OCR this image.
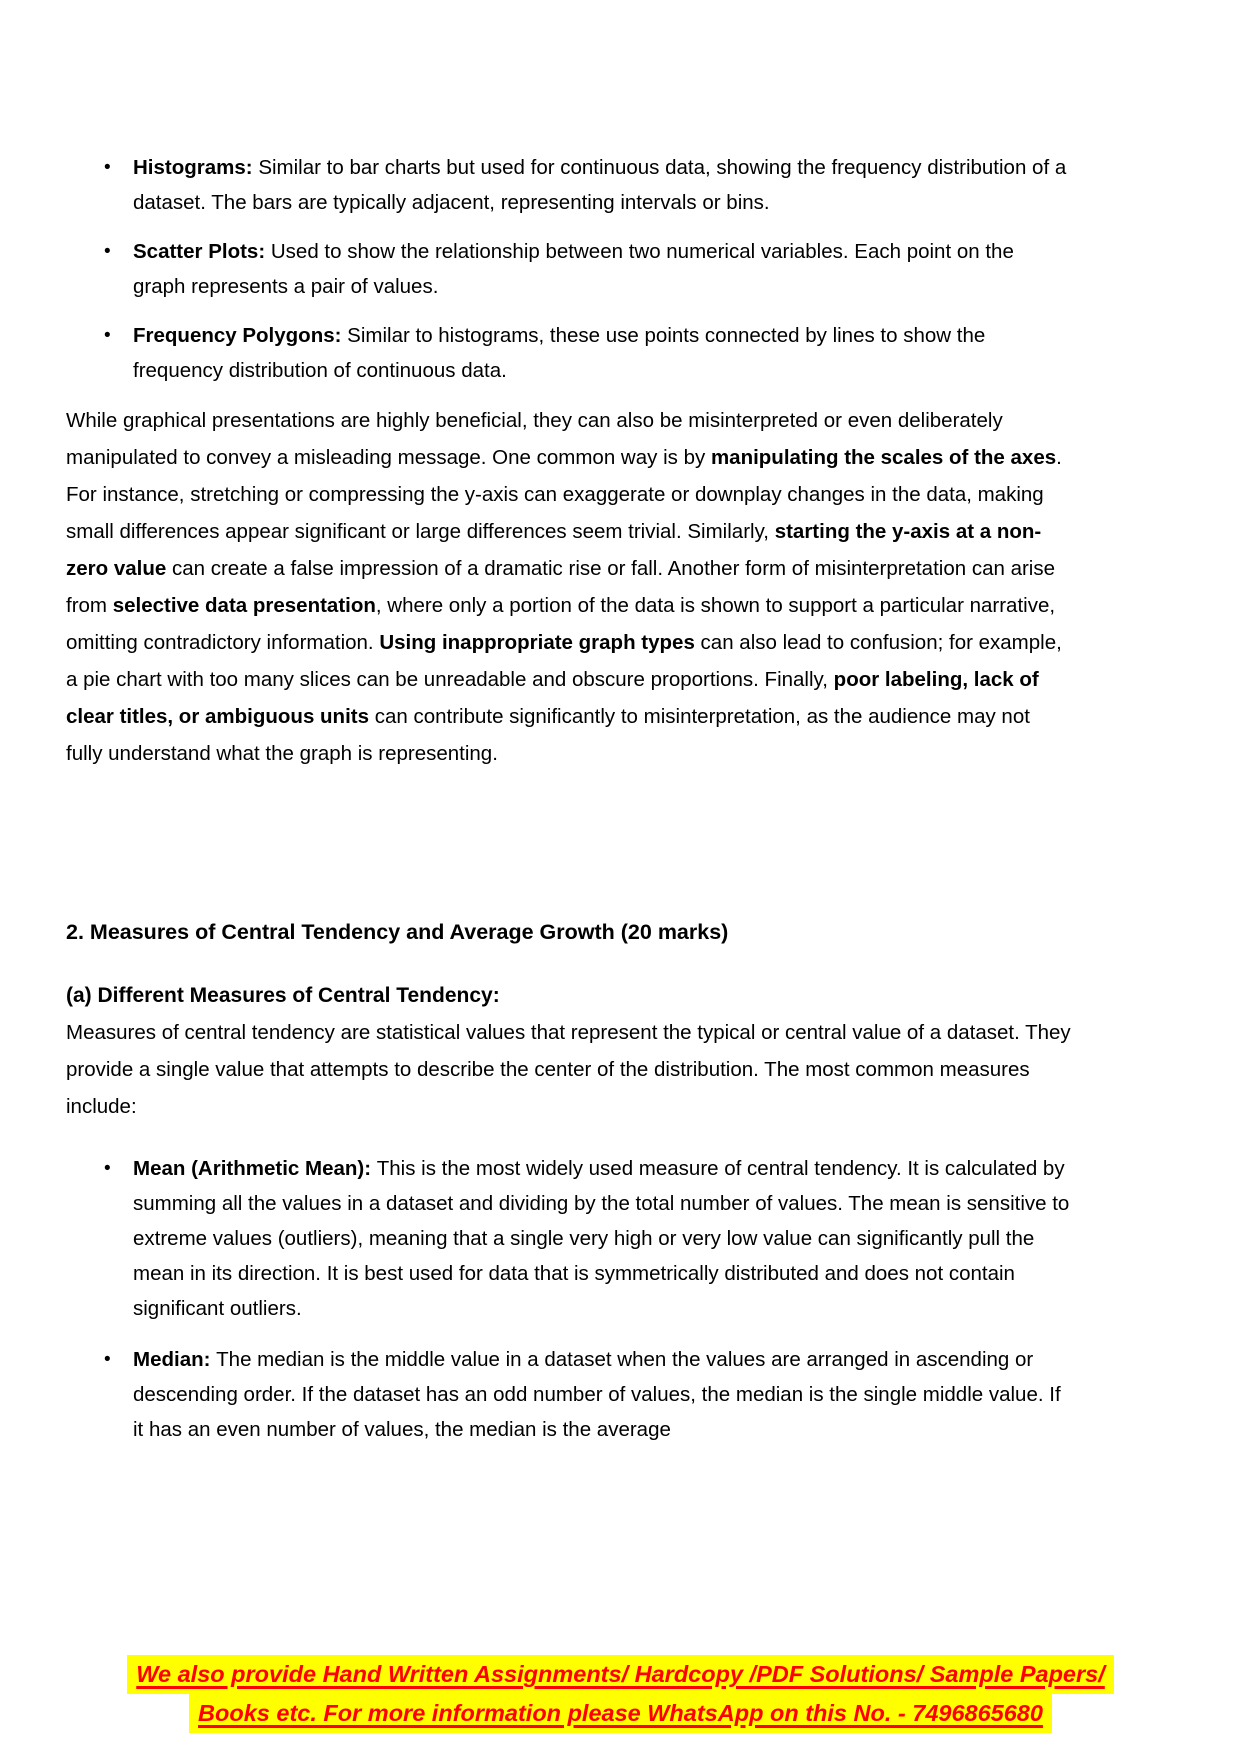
• Histograms: Similar to bar charts but used for continuous data, showing the frequency distribution of a dataset. The bars are typically adjacent, representing intervals or bins.
• Scatter Plots: Used to show the relationship between two numerical variables. Each point on the graph represents a pair of values.
• Frequency Polygons: Similar to histograms, these use points connected by lines to show the frequency distribution of continuous data.

While graphical presentations are highly beneficial, they can also be misinterpreted or even deliberately manipulated to convey a misleading message. One common way is by manipulating the scales of the axes. For instance, stretching or compressing the y-axis can exaggerate or downplay changes in the data, making small differences appear significant or large differences seem trivial. Similarly, starting the y-axis at a non-zero value can create a false impression of a dramatic rise or fall. Another form of misinterpretation can arise from selective data presentation, where only a portion of the data is shown to support a particular narrative, omitting contradictory information. Using inappropriate graph types can also lead to confusion; for example, a pie chart with too many slices can be unreadable and obscure proportions. Finally, poor labeling, lack of clear titles, or ambiguous units can contribute significantly to misinterpretation, as the audience may not fully understand what the graph is representing.

2. Measures of Central Tendency and Average Growth (20 marks)
(a) Different Measures of Central Tendency:

Measures of central tendency are statistical values that represent the typical or central value of a dataset. They provide a single value that attempts to describe the center of the distribution. The most common measures include:

• Mean (Arithmetic Mean): This is the most widely used measure of central tendency. It is calculated by summing all the values in a dataset and dividing by the total number of values. The mean is sensitive to extreme values (outliers), meaning that a single very high or very low value can significantly pull the mean in its direction. It is best used for data that is symmetrically distributed and does not contain significant outliers.
• Median: The median is the middle value in a dataset when the values are arranged in ascending or descending order. If the dataset has an odd number of values, the median is the single middle value. If it has an even number of values, the median is the average
We also provide Hand Written Assignments/ Hardcopy /PDF Solutions/ Sample Papers/
Books etc. For more information please WhatsApp on this No. - 7496865680
